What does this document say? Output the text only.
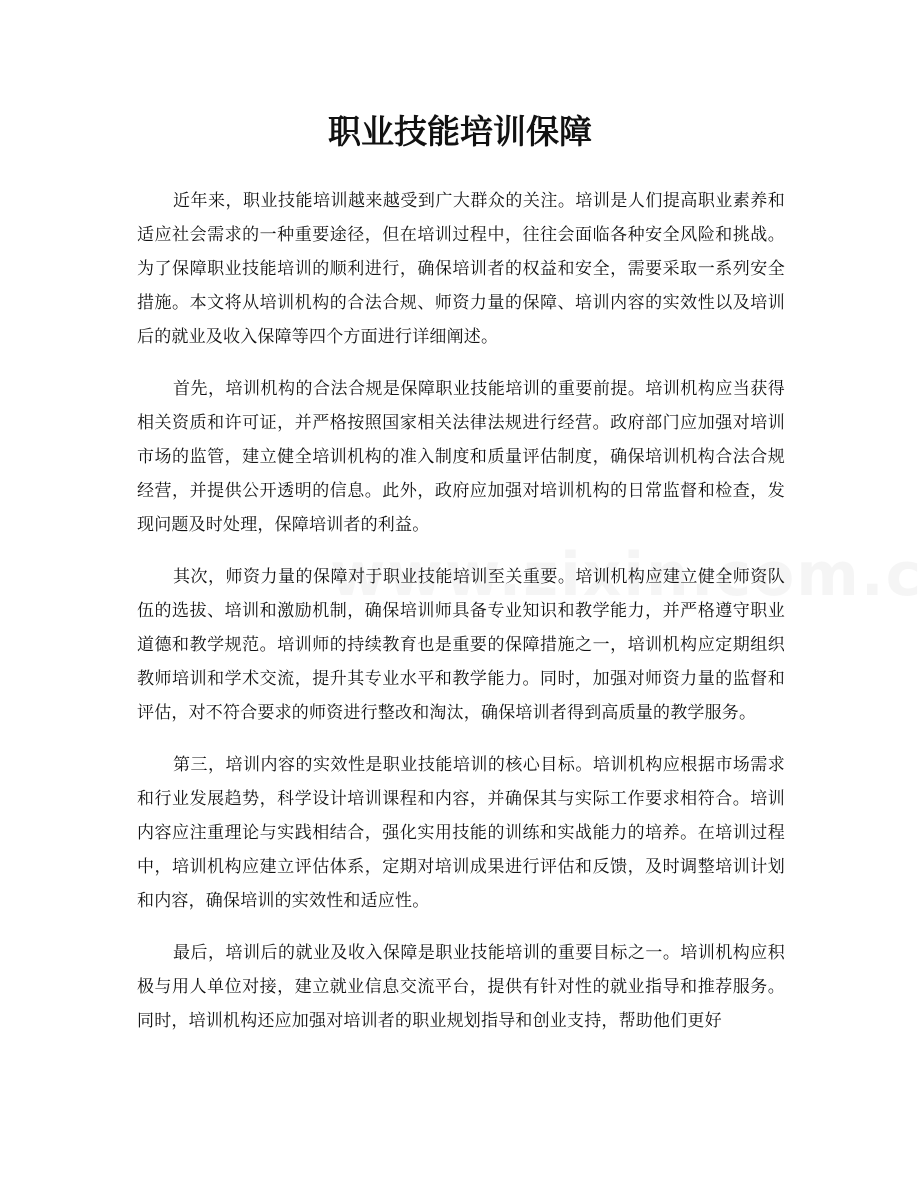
职业技能培训保障

近年来，职业技能培训越来越受到广大群众的关注。培训是人们提高职业素养和适应社会需求的一种重要途径，但在培训过程中，往往会面临各种安全风险和挑战。为了保障职业技能培训的顺利进行，确保培训者的权益和安全，需要采取一系列安全措施。本文将从培训机构的合法合规、师资力量的保障、培训内容的实效性以及培训后的就业及收入保障等四个方面进行详细阐述。

首先，培训机构的合法合规是保障职业技能培训的重要前提。培训机构应当获得相关资质和许可证，并严格按照国家相关法律法规进行经营。政府部门应加强对培训市场的监管，建立健全培训机构的准入制度和质量评估制度，确保培训机构合法合规经营，并提供公开透明的信息。此外，政府应加强对培训机构的日常监督和检查，发现问题及时处理，保障培训者的利益。

其次，师资力量的保障对于职业技能培训至关重要。培训机构应建立健全师资队伍的选拔、培训和激励机制，确保培训师具备专业知识和教学能力，并严格遵守职业道德和教学规范。培训师的持续教育也是重要的保障措施之一，培训机构应定期组织教师培训和学术交流，提升其专业水平和教学能力。同时，加强对师资力量的监督和评估，对不符合要求的师资进行整改和淘汰，确保培训者得到高质量的教学服务。

第三，培训内容的实效性是职业技能培训的核心目标。培训机构应根据市场需求和行业发展趋势，科学设计培训课程和内容，并确保其与实际工作要求相符合。培训内容应注重理论与实践相结合，强化实用技能的训练和实战能力的培养。在培训过程中，培训机构应建立评估体系，定期对培训成果进行评估和反馈，及时调整培训计划和内容，确保培训的实效性和适应性。

最后，培训后的就业及收入保障是职业技能培训的重要目标之一。培训机构应积极与用人单位对接，建立就业信息交流平台，提供有针对性的就业指导和推荐服务。同时，培训机构还应加强对培训者的职业规划指导和创业支持，帮助他们更好
